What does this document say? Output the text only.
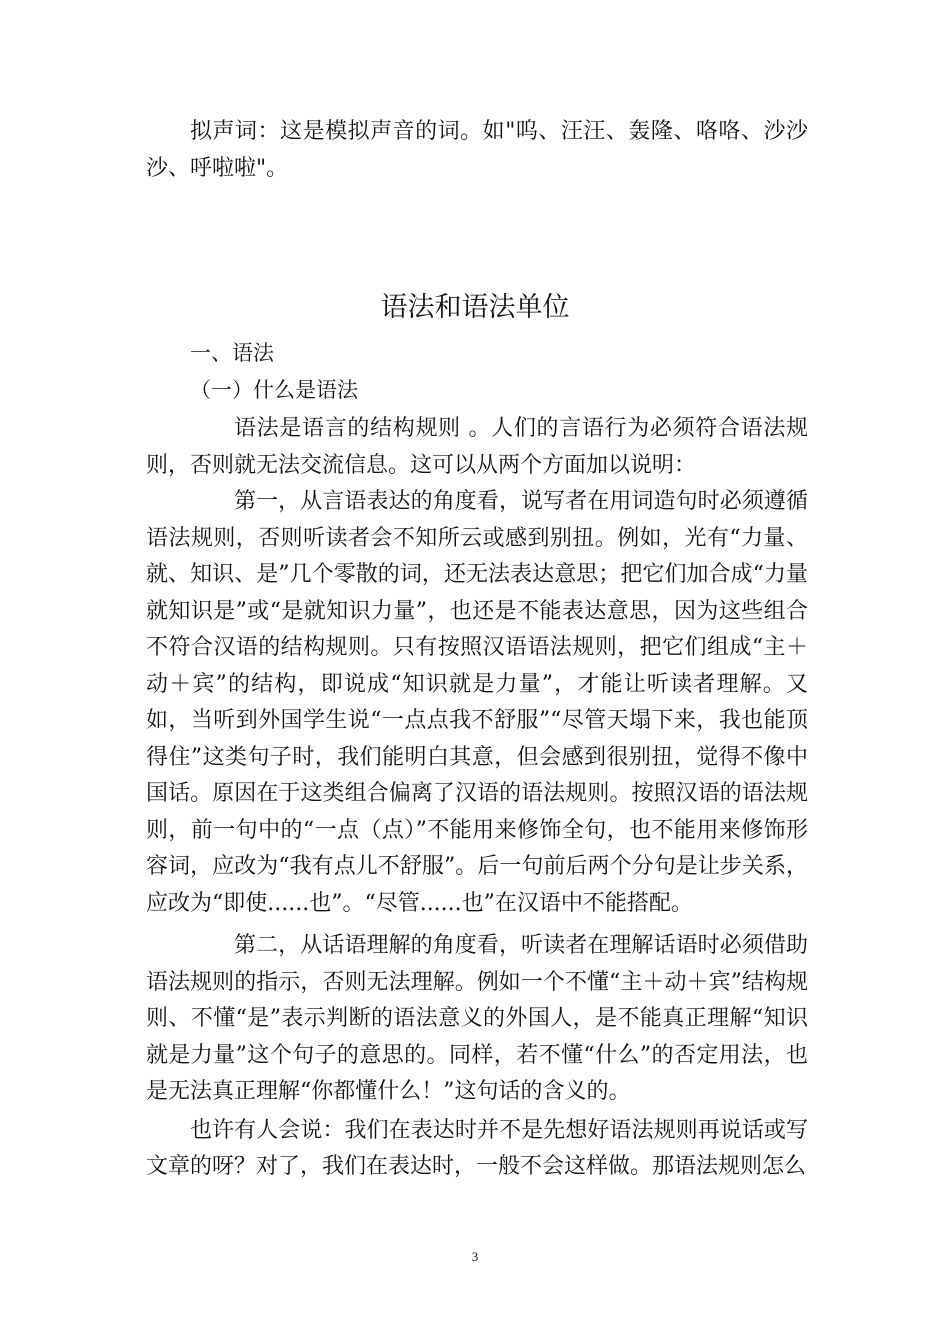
拟声词：这是模拟声音的词。如"呜、汪汪、轰隆、咯咯、沙沙沙、呼啦啦"。
语法和语法单位
一、语法
（一）什么是语法

语法是语言的结构规则 。人们的言语行为必须符合语法规则，否则就无法交流信息。这可以从两个方面加以说明：

第一，从言语表达的角度看，说写者在用词造句时必须遵循语法规则，否则听读者会不知所云或感到别扭。例如，光有“力量、就、知识、是”几个零散的词，还无法表达意思；把它们加合成“力量就知识是”或“是就知识力量”，也还是不能表达意思，因为这些组合不符合汉语的结构规则。只有按照汉语语法规则，把它们组成“主＋动＋宾”的结构，即说成“知识就是力量”，才能让听读者理解。又如，当听到外国学生说“一点点我不舒服”“尽管天塌下来，我也能顶得住”这类句子时，我们能明白其意，但会感到很别扭，觉得不像中国话。原因在于这类组合偏离了汉语的语法规则。按照汉语的语法规则，前一句中的“一点（点）”不能用来修饰全句，也不能用来修饰形容词，应改为“我有点儿不舒服”。后一句前后两个分句是让步关系，应改为“即使......也”。“尽管......也”在汉语中不能搭配。

第二，从话语理解的角度看，听读者在理解话语时必须借助语法规则的指示，否则无法理解。例如一个不懂“主＋动＋宾”结构规则、不懂“是”表示判断的语法意义的外国人，是不能真正理解“知识就是力量”这个句子的意思的。同样，若不懂“什么”的否定用法，也是无法真正理解“你都懂什么！”这句话的含义的。

也许有人会说：我们在表达时并不是先想好语法规则再说话或写文章的呀？对了，我们在表达时，一般不会这样做。那语法规则怎么

3
